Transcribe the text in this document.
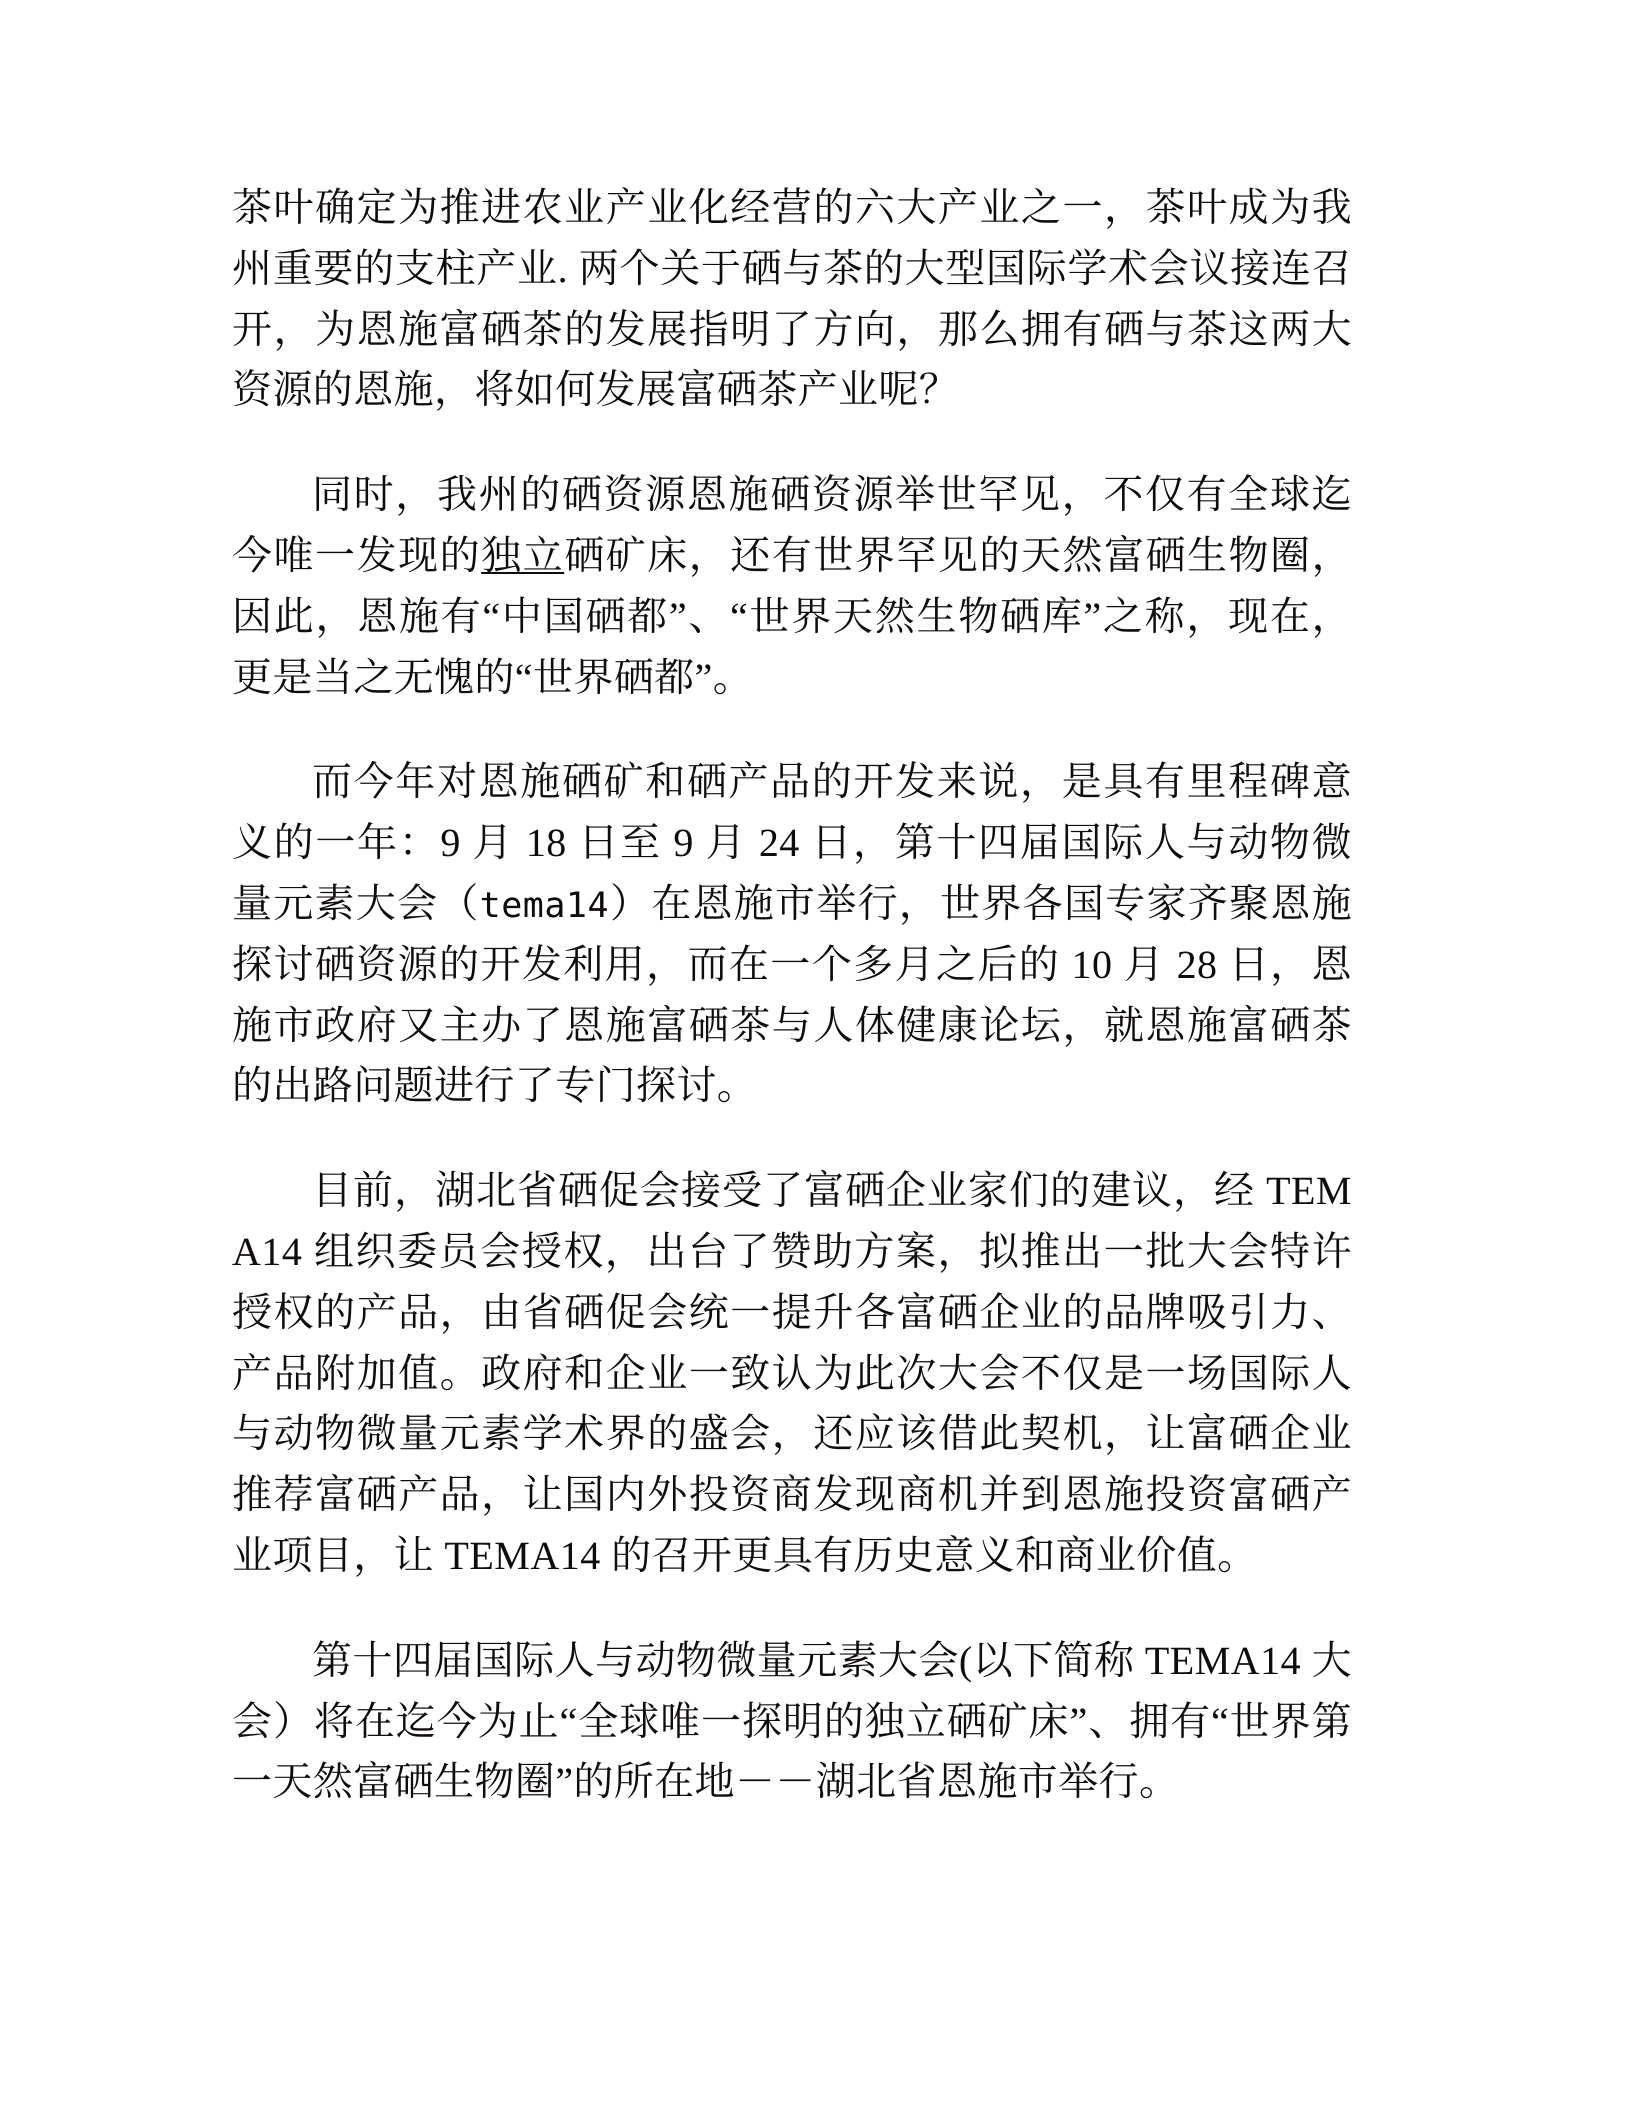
茶叶确定为推进农业产业化经营的六大产业之一，茶叶成为我州重要的支柱产业. 两个关于硒与茶的大型国际学术会议接连召开，为恩施富硒茶的发展指明了方向，那么拥有硒与茶这两大资源的恩施，将如何发展富硒茶产业呢？

同时，我州的硒资源恩施硒资源举世罕见，不仅有全球迄今唯一发现的独立硒矿床，还有世界罕见的天然富硒生物圈，因此，恩施有“中国硒都”、“世界天然生物硒库”之称，现在，更是当之无愧的“世界硒都”。

而今年对恩施硒矿和硒产品的开发来说，是具有里程碑意义的一年：9 月 18 日至 9 月 24 日，第十四届国际人与动物微量元素大会（tema14）在恩施市举行，世界各国专家齐聚恩施探讨硒资源的开发利用，而在一个多月之后的 10 月 28 日，恩施市政府又主办了恩施富硒茶与人体健康论坛，就恩施富硒茶的出路问题进行了专门探讨。

目前，湖北省硒促会接受了富硒企业家们的建议，经 TEMA14 组织委员会授权，出台了赞助方案，拟推出一批大会特许授权的产品，由省硒促会统一提升各富硒企业的品牌吸引力、产品附加值。政府和企业一致认为此次大会不仅是一场国际人与动物微量元素学术界的盛会，还应该借此契机，让富硒企业推荐富硒产品，让国内外投资商发现商机并到恩施投资富硒产业项目，让 TEMA14 的召开更具有历史意义和商业价值。

第十四届国际人与动物微量元素大会(以下简称 TEMA14 大会）将在迄今为止“全球唯一探明的独立硒矿床”、拥有“世界第一天然富硒生物圈”的所在地－－湖北省恩施市举行。
